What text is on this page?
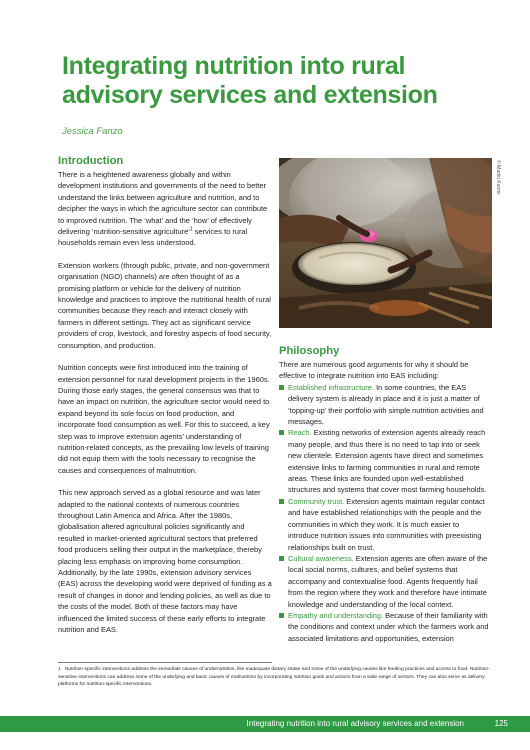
Integrating nutrition into rural advisory services and extension
Jessica Fanzo
Introduction

There is a heightened awareness globally and within development institutions and governments of the need to better understand the links between agriculture and nutrition, and to decipher the ways in which the agriculture sector can contribute to improved nutrition. The ‘what’ and the ‘how’ of effectively delivering ‘nutrition-sensitive agriculture’$^1$ services to rural households remain even less understood.

Extension workers (through public, private, and non-government organisation (NGO) channels) are often thought of as a promising platform or vehicle for the delivery of nutrition knowledge and practices to improve the nutritional health of rural communities because they reach and interact closely with farmers in different settings. They act as significant service providers of crop, livestock, and forestry aspects of food security, consumption, and production.

Nutrition concepts were first introduced into the training of extension personnel for rural development projects in the 1960s. During those early stages, the general consensus was that to have an impact on nutrition, the agriculture sector would need to expand beyond its sole focus on food production, and incorporate food consumption as well. For this to succeed, a key step was to improve extension agents’ understanding of nutrition-related concepts, as the prevailing low levels of training did not equip them with the tools necessary to recognise the causes and consequences of malnutrition.

This new approach served as a global resource and was later adapted to the national contexts of numerous countries throughout Latin America and Africa. After the 1980s, globalisation altered agricultural policies significantly and resulted in market-oriented agricultural sectors that preferred food producers selling their output in the marketplace, thereby placing less emphasis on improving home consumption. Additionally, by the late 1990s, extension advisory services (EAS) across the developing world were deprived of funding as a result of changes in donor and lending policies, as well as due to the costs of the model. Both of these factors may have influenced the limited success of these early efforts to integrate nutrition and EAS.

© Martin Karimi
Philosophy

There are numerous good arguments for why it should be effective to integrate nutrition into EAS including:

Established infrastructure. In some countries, the EAS delivery system is already in place and it is just a matter of ‘topping-up’ their portfolio with simple nutrition activities and messages.
Reach. Existing networks of extension agents already reach many people, and thus there is no need to tap into or seek new clientele. Extension agents have direct and sometimes extensive links to farming communities in rural and remote areas. These links are founded upon well-established structures and systems that cover most farming households.
Community trust. Extension agents maintain regular contact and have established relationships with the people and the communities in which they work. It is much easier to introduce nutrition issues into communities with preexisting relationships built on trust.
Cultural awareness. Extension agents are often aware of the local social norms, cultures, and belief systems that accompany and contextualise food. Agents frequently hail from the region where they work and therefore have intimate knowledge and understanding of the local context.
Empathy and understanding. Because of their familiarity with the conditions and context under which the farmers work and associated limitations and opportunities, extension
1 Nutrition-specific interventions address the immediate causes of undernutrition, like inadequate dietary intake and some of the underlying causes like feeding practices and access to food. Nutrition-sensitive interventions can address some of the underlying and basic causes of malnutrition by incorporating nutrition goals and actions from a wide range of sectors. They can also serve as delivery platforms for nutrition-specific interventions.
Integrating nutrition into rural advisory services and extension	125
